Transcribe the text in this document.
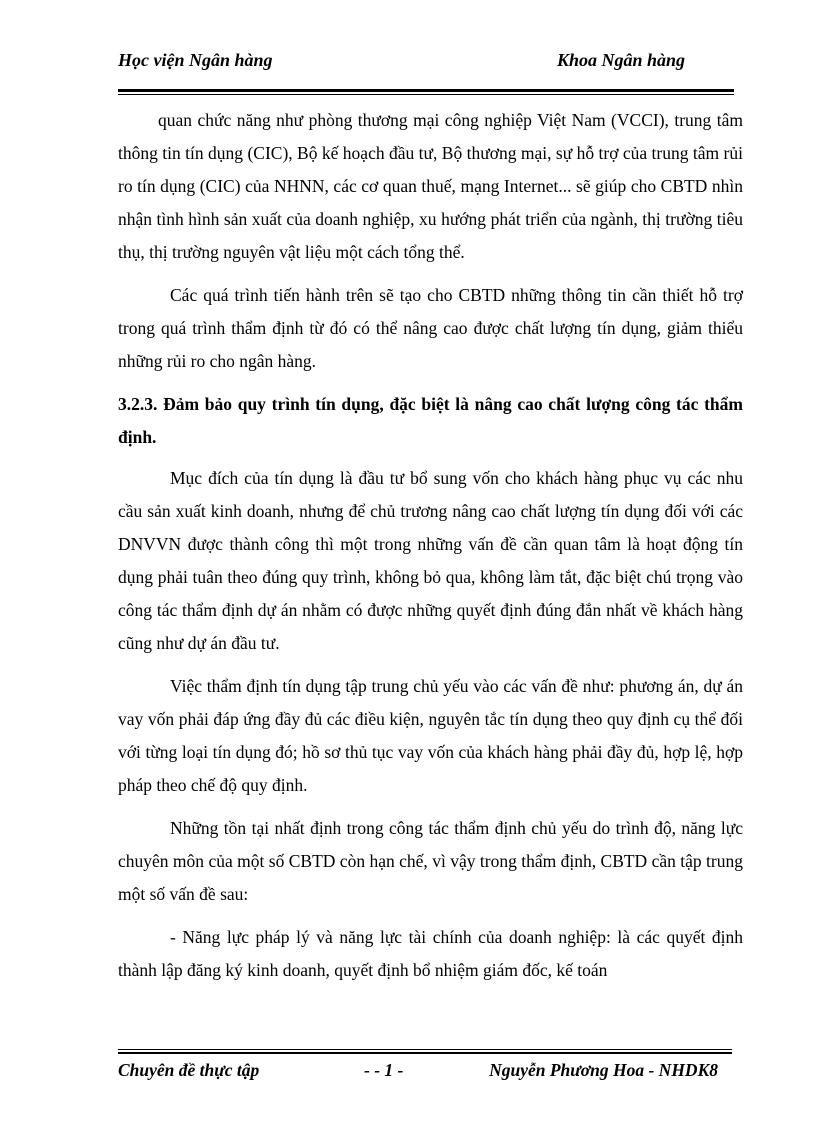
Học viện Ngân hàng	Khoa Ngân hàng

quan chức năng như phòng thương mại công nghiệp Việt Nam (VCCI), trung tâm thông tin tín dụng (CIC), Bộ kế hoạch đầu tư, Bộ thương mại, sự hỗ trợ của trung tâm rủi ro tín dụng (CIC) của NHNN, các cơ quan thuế, mạng Internet... sẽ giúp cho CBTD nhìn nhận tình hình sản xuất của doanh nghiệp, xu hướng phát triển của ngành, thị trường tiêu thụ, thị trường nguyên vật liệu một cách tổng thể.

Các quá trình tiến hành trên sẽ tạo cho CBTD những thông tin cần thiết hỗ trợ trong quá trình thẩm định từ đó có thể nâng cao được chất lượng tín dụng, giảm thiểu những rủi ro cho ngân hàng.

3.2.3. Đảm bảo quy trình tín dụng, đặc biệt là nâng cao chất lượng công tác thẩm định.

Mục đích của tín dụng là đầu tư bổ sung vốn cho khách hàng phục vụ các nhu cầu sản xuất kinh doanh, nhưng để chủ trương nâng cao chất lượng tín dụng đối với các DNVVN được thành công thì một trong những vấn đề cần quan tâm là hoạt động tín dụng phải tuân theo đúng quy trình, không bỏ qua, không làm tắt, đặc biệt chú trọng vào công tác thẩm định dự án nhằm có được những quyết định đúng đắn nhất về khách hàng cũng như dự án đầu tư.

Việc thẩm định tín dụng tập trung chủ yếu vào các vấn đề như: phương án, dự án vay vốn phải đáp ứng đầy đủ các điều kiện, nguyên tắc tín dụng theo quy định cụ thể đối với từng loại tín dụng đó; hồ sơ thủ tục vay vốn của khách hàng phải đầy đủ, hợp lệ, hợp pháp theo chế độ quy định.

Những tồn tại nhất định trong công tác thẩm định chủ yếu do trình độ, năng lực chuyên môn của một số CBTD còn hạn chế, vì vậy trong thẩm định, CBTD cần tập trung một số vấn đề sau:

- Năng lực pháp lý và năng lực tài chính của doanh nghiệp: là các quyết định thành lập đăng ký kinh doanh, quyết định bổ nhiệm giám đốc, kế toán

Chuyên đề thực tập	- - 1 -	Nguyễn Phương Hoa - NHDK8
